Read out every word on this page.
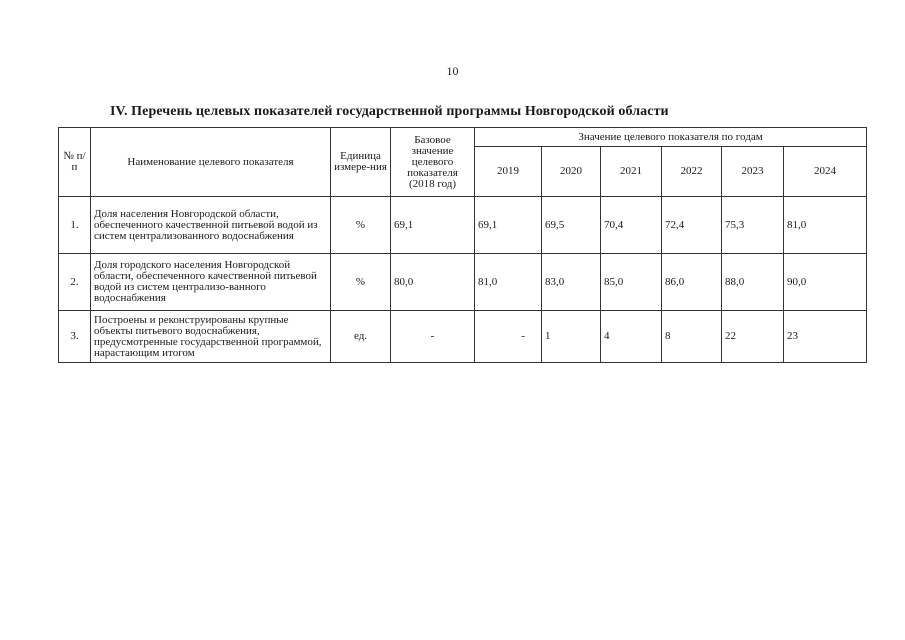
10
IV. Перечень целевых показателей государственной программы Новгородской области
№ п/п	Наименование целевого показателя	Единица измере-ния	Базовое значение целевого показателя (2018 год)	Значение целевого показателя по годам					
				2019	2020	2021	2022	2023	2024
1.	Доля населения Новгородской области, обеспеченного качественной питьевой водой из систем централизованного водоснабжения	%	69,1	69,1	69,5	70,4	72,4	75,3	81,0
2.	Доля городского населения Новгородской области, обеспеченного качественной питьевой водой из систем централизо-ванного водоснабжения	%	80,0	81,0	83,0	85,0	86,0	88,0	90,0
3.	Построены и реконструированы крупные объекты питьевого водоснабжения, предусмотренные государственной программой, нарастающим итогом	ед.	-	-	1	4	8	22	23
